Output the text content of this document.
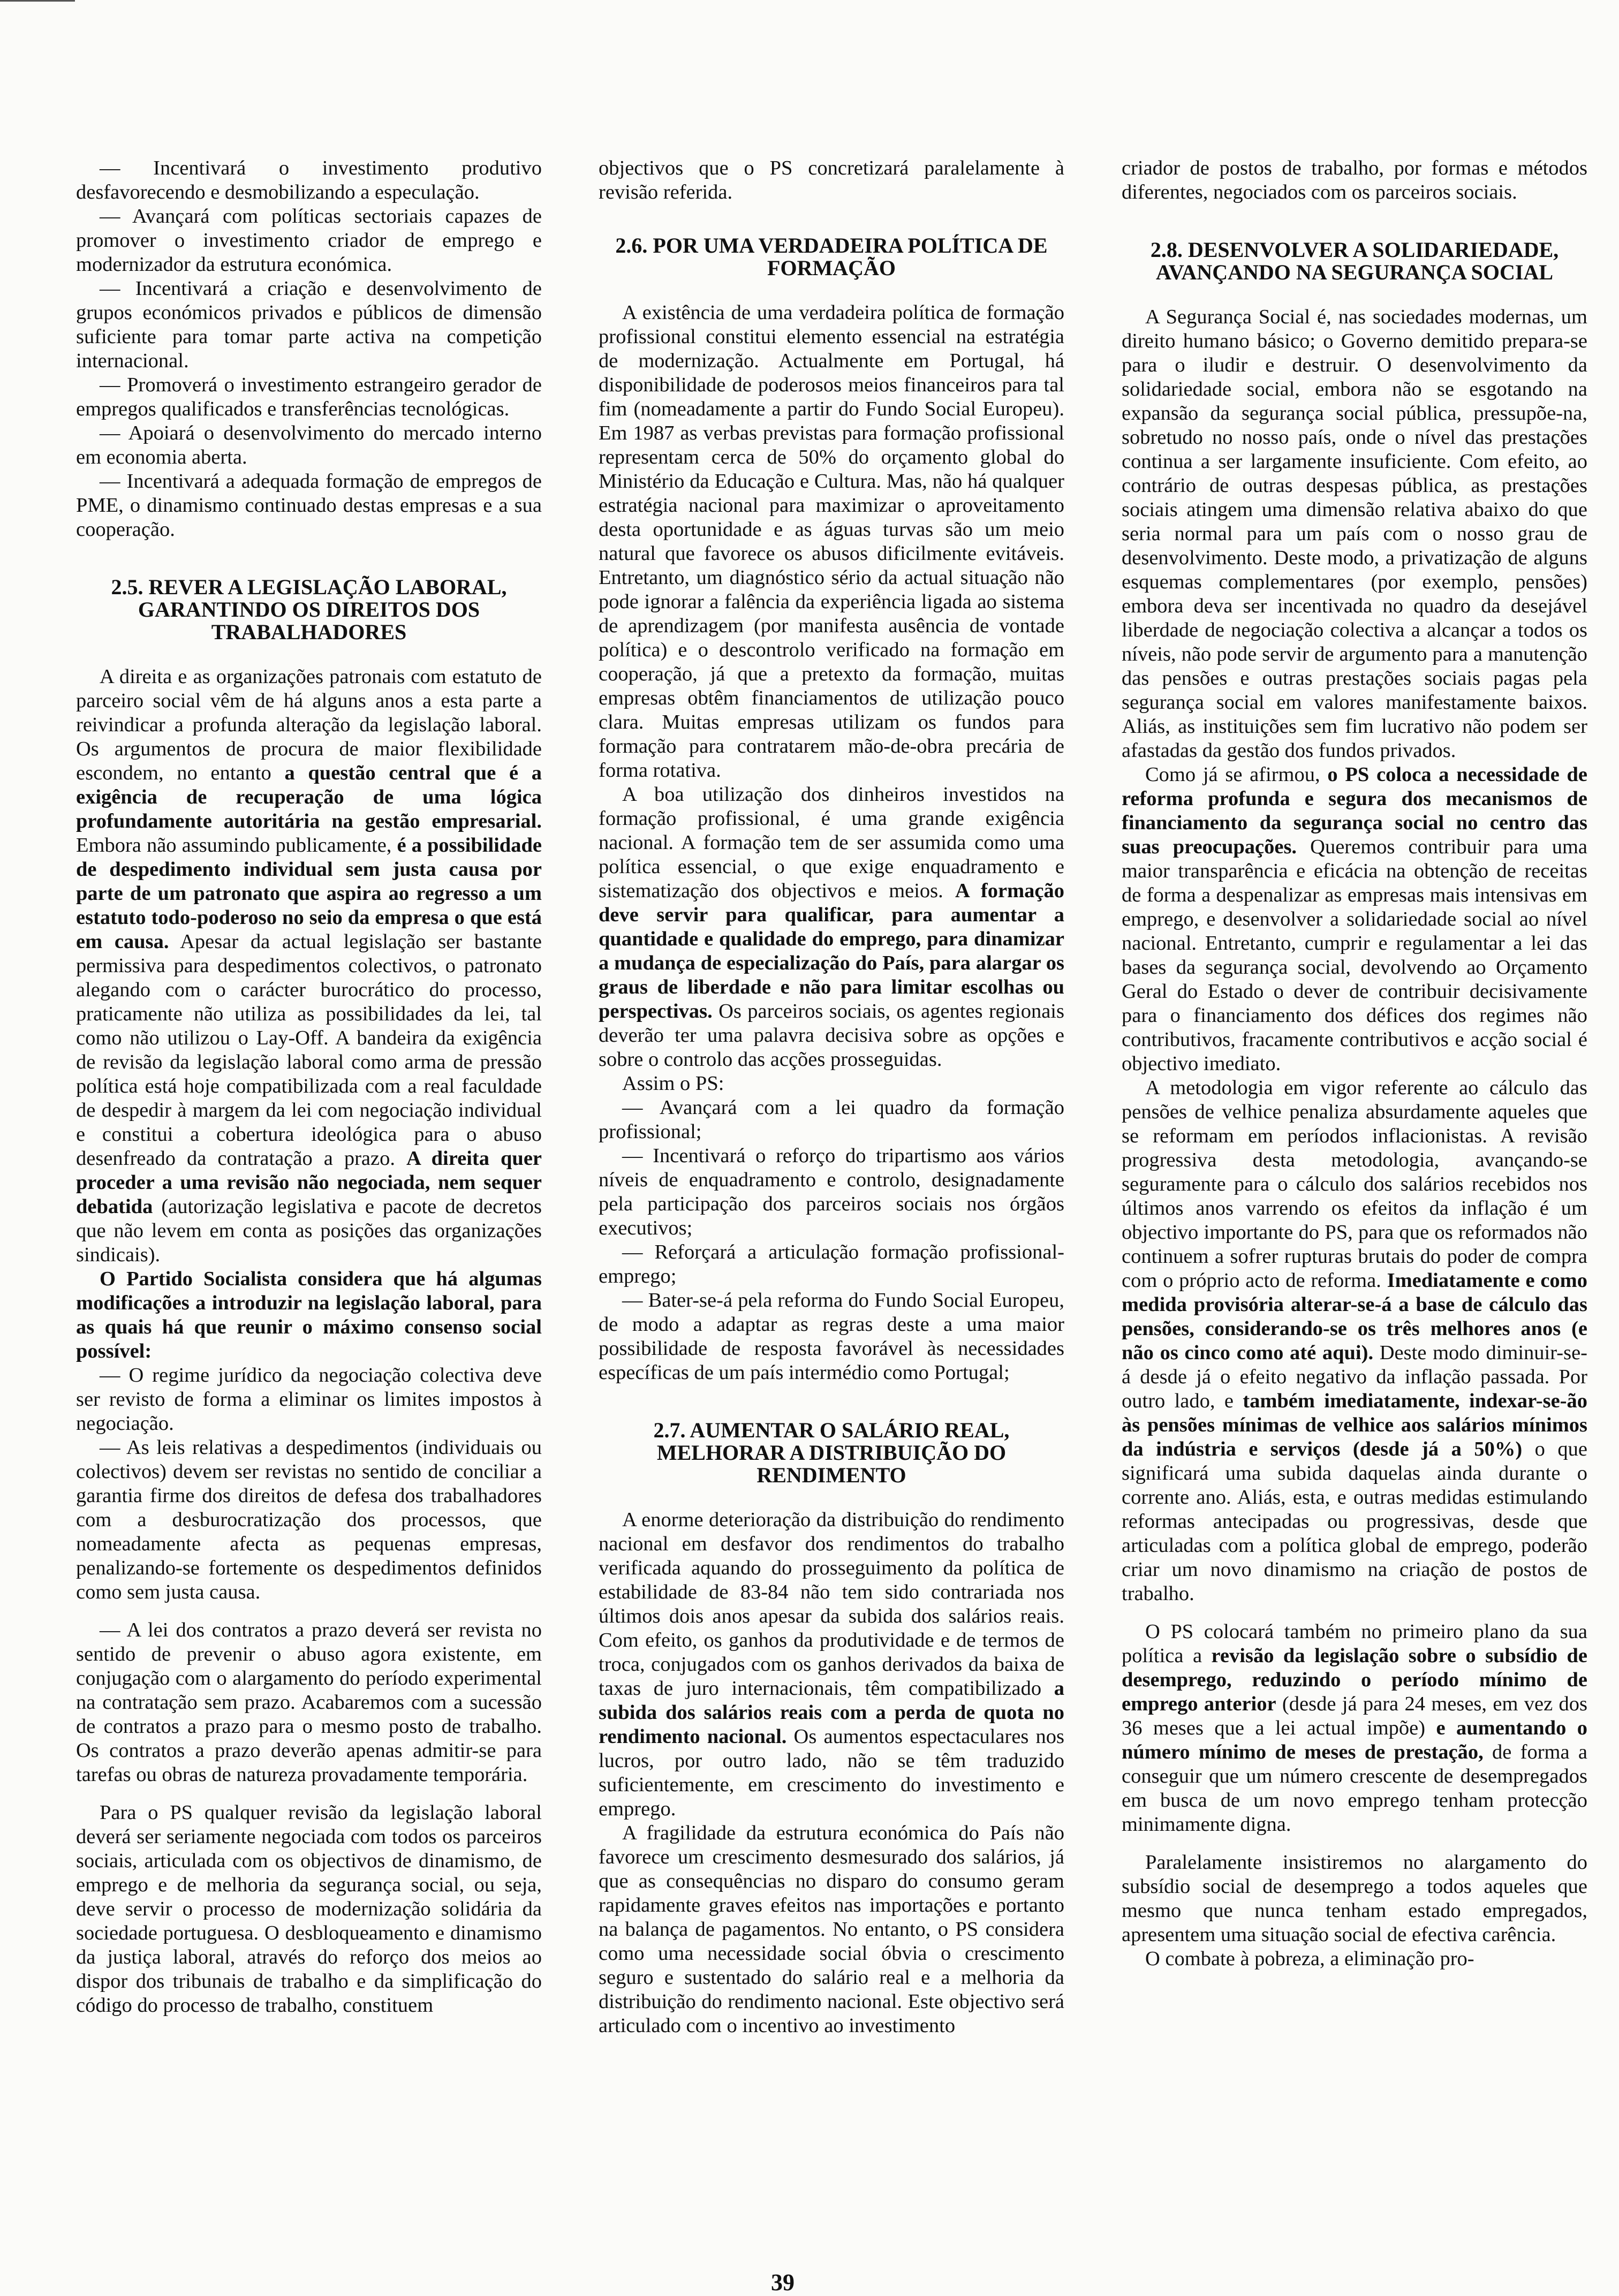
— Incentivará o investimento produtivo desfavorecendo e desmobilizando a especulação.

— Avançará com políticas sectoriais capazes de promover o investimento criador de emprego e modernizador da estrutura económica.

— Incentivará a criação e desenvolvimento de grupos económicos privados e públicos de dimensão suficiente para tomar parte activa na competição internacional.

— Promoverá o investimento estrangeiro gerador de empregos qualificados e transferências tecnológicas.

— Apoiará o desenvolvimento do mercado interno em economia aberta.

— Incentivará a adequada formação de empregos de PME, o dinamismo continuado destas empresas e a sua cooperação.

2.5. REVER A LEGISLAÇÃO LABORAL, GARANTINDO OS DIREITOS DOS TRABALHADORES

A direita e as organizações patronais com estatuto de parceiro social vêm de há alguns anos a esta parte a reivindicar a profunda alteração da legislação laboral. Os argumentos de procura de maior flexibilidade escondem, no entanto a questão central que é a exigência de recuperação de uma lógica profundamente autoritária na gestão empresarial. Embora não assumindo publicamente, é a possibilidade de despedimento individual sem justa causa por parte de um patronato que aspira ao regresso a um estatuto todo-poderoso no seio da empresa o que está em causa. Apesar da actual legislação ser bastante permissiva para despedimentos colectivos, o patronato alegando com o carácter burocrático do processo, praticamente não utiliza as possibilidades da lei, tal como não utilizou o Lay-Off. A bandeira da exigência de revisão da legislação laboral como arma de pressão política está hoje compatibilizada com a real faculdade de despedir à margem da lei com negociação individual e constitui a cobertura ideológica para o abuso desenfreado da contratação a prazo. A direita quer proceder a uma revisão não negociada, nem sequer debatida (autorização legislativa e pacote de decretos que não levem em conta as posições das organizações sindicais).

O Partido Socialista considera que há algumas modificações a introduzir na legislação laboral, para as quais há que reunir o máximo consenso social possível:

— O regime jurídico da negociação colectiva deve ser revisto de forma a eliminar os limites impostos à negociação.

— As leis relativas a despedimentos (individuais ou colectivos) devem ser revistas no sentido de conciliar a garantia firme dos direitos de defesa dos trabalhadores com a desburocratização dos processos, que nomeadamente afecta as pequenas empresas, penalizando-se fortemente os despedimentos definidos como sem justa causa.

— A lei dos contratos a prazo deverá ser revista no sentido de prevenir o abuso agora existente, em conjugação com o alargamento do período experimental na contratação sem prazo. Acabaremos com a sucessão de contratos a prazo para o mesmo posto de trabalho. Os contratos a prazo deverão apenas admitir-se para tarefas ou obras de natureza provadamente temporária.

Para o PS qualquer revisão da legislação laboral deverá ser seriamente negociada com todos os parceiros sociais, articulada com os objectivos de dinamismo, de emprego e de melhoria da segurança social, ou seja, deve servir o processo de modernização solidária da sociedade portuguesa. O desbloqueamento e dinamismo da justiça laboral, através do reforço dos meios ao dispor dos tribunais de trabalho e da simplificação do código do processo de trabalho, constituem

objectivos que o PS concretizará paralelamente à revisão referida.

2.6. POR UMA VERDADEIRA POLÍTICA DE FORMAÇÃO

A existência de uma verdadeira política de formação profissional constitui elemento essencial na estratégia de modernização. Actualmente em Portugal, há disponibilidade de poderosos meios financeiros para tal fim (nomeadamente a partir do Fundo Social Europeu). Em 1987 as verbas previstas para formação profissional representam cerca de 50% do orçamento global do Ministério da Educação e Cultura. Mas, não há qualquer estratégia nacional para maximizar o aproveitamento desta oportunidade e as águas turvas são um meio natural que favorece os abusos dificilmente evitáveis. Entretanto, um diagnóstico sério da actual situação não pode ignorar a falência da experiência ligada ao sistema de aprendizagem (por manifesta ausência de vontade política) e o descontrolo verificado na formação em cooperação, já que a pretexto da formação, muitas empresas obtêm financiamentos de utilização pouco clara. Muitas empresas utilizam os fundos para formação para contratarem mão-de-obra precária de forma rotativa.

A boa utilização dos dinheiros investidos na formação profissional, é uma grande exigência nacional. A formação tem de ser assumida como uma política essencial, o que exige enquadramento e sistematização dos objectivos e meios. A formação deve servir para qualificar, para aumentar a quantidade e qualidade do emprego, para dinamizar a mudança de especialização do País, para alargar os graus de liberdade e não para limitar escolhas ou perspectivas. Os parceiros sociais, os agentes regionais deverão ter uma palavra decisiva sobre as opções e sobre o controlo das acções prosseguidas.

Assim o PS:

— Avançará com a lei quadro da formação profissional;

— Incentivará o reforço do tripartismo aos vários níveis de enquadramento e controlo, designadamente pela participação dos parceiros sociais nos órgãos executivos;

— Reforçará a articulação formação profissional-emprego;

— Bater-se-á pela reforma do Fundo Social Europeu, de modo a adaptar as regras deste a uma maior possibilidade de resposta favorável às necessidades específicas de um país intermédio como Portugal;

2.7. AUMENTAR O SALÁRIO REAL, MELHORAR A DISTRIBUIÇÃO DO RENDIMENTO

A enorme deterioração da distribuição do rendimento nacional em desfavor dos rendimentos do trabalho verificada aquando do prosseguimento da política de estabilidade de 83-84 não tem sido contrariada nos últimos dois anos apesar da subida dos salários reais. Com efeito, os ganhos da produtividade e de termos de troca, conjugados com os ganhos derivados da baixa de taxas de juro internacionais, têm compatibilizado a subida dos salários reais com a perda de quota no rendimento nacional. Os aumentos espectaculares nos lucros, por outro lado, não se têm traduzido suficientemente, em crescimento do investimento e emprego.

A fragilidade da estrutura económica do País não favorece um crescimento desmesurado dos salários, já que as consequências no disparo do consumo geram rapidamente graves efeitos nas importações e portanto na balança de pagamentos. No entanto, o PS considera como uma necessidade social óbvia o crescimento seguro e sustentado do salário real e a melhoria da distribuição do rendimento nacional. Este objectivo será articulado com o incentivo ao investimento

criador de postos de trabalho, por formas e métodos diferentes, negociados com os parceiros sociais.

2.8. DESENVOLVER A SOLIDARIEDADE, AVANÇANDO NA SEGURANÇA SOCIAL

A Segurança Social é, nas sociedades modernas, um direito humano básico; o Governo demitido prepara-se para o iludir e destruir. O desenvolvimento da solidariedade social, embora não se esgotando na expansão da segurança social pública, pressupõe-na, sobretudo no nosso país, onde o nível das prestações continua a ser largamente insuficiente. Com efeito, ao contrário de outras despesas pública, as prestações sociais atingem uma dimensão relativa abaixo do que seria normal para um país com o nosso grau de desenvolvimento. Deste modo, a privatização de alguns esquemas complementares (por exemplo, pensões) embora deva ser incentivada no quadro da desejável liberdade de negociação colectiva a alcançar a todos os níveis, não pode servir de argumento para a manutenção das pensões e outras prestações sociais pagas pela segurança social em valores manifestamente baixos. Aliás, as instituições sem fim lucrativo não podem ser afastadas da gestão dos fundos privados.

Como já se afirmou, o PS coloca a necessidade de reforma profunda e segura dos mecanismos de financiamento da segurança social no centro das suas preocupações. Queremos contribuir para uma maior transparência e eficácia na obtenção de receitas de forma a despenalizar as empresas mais intensivas em emprego, e desenvolver a solidariedade social ao nível nacional. Entretanto, cumprir e regulamentar a lei das bases da segurança social, devolvendo ao Orçamento Geral do Estado o dever de contribuir decisivamente para o financiamento dos défices dos regimes não contributivos, fracamente contributivos e acção social é objectivo imediato.

A metodologia em vigor referente ao cálculo das pensões de velhice penaliza absurdamente aqueles que se reformam em períodos inflacionistas. A revisão progressiva desta metodologia, avançando-se seguramente para o cálculo dos salários recebidos nos últimos anos varrendo os efeitos da inflação é um objectivo importante do PS, para que os reformados não continuem a sofrer rupturas brutais do poder de compra com o próprio acto de reforma. Imediatamente e como medida provisória alterar-se-á a base de cálculo das pensões, considerando-se os três melhores anos (e não os cinco como até aqui). Deste modo diminuir-se-á desde já o efeito negativo da inflação passada. Por outro lado, e também imediatamente, indexar-se-ão às pensões mínimas de velhice aos salários mínimos da indústria e serviços (desde já a 50%) o que significará uma subida daquelas ainda durante o corrente ano. Aliás, esta, e outras medidas estimulando reformas antecipadas ou progressivas, desde que articuladas com a política global de emprego, poderão criar um novo dinamismo na criação de postos de trabalho.

O PS colocará também no primeiro plano da sua política a revisão da legislação sobre o subsídio de desemprego, reduzindo o período mínimo de emprego anterior (desde já para 24 meses, em vez dos 36 meses que a lei actual impõe) e aumentando o número mínimo de meses de prestação, de forma a conseguir que um número crescente de desempregados em busca de um novo emprego tenham protecção minimamente digna.

Paralelamente insistiremos no alargamento do subsídio social de desemprego a todos aqueles que mesmo que nunca tenham estado empregados, apresentem uma situação social de efectiva carência.

O combate à pobreza, a eliminação pro-

39
